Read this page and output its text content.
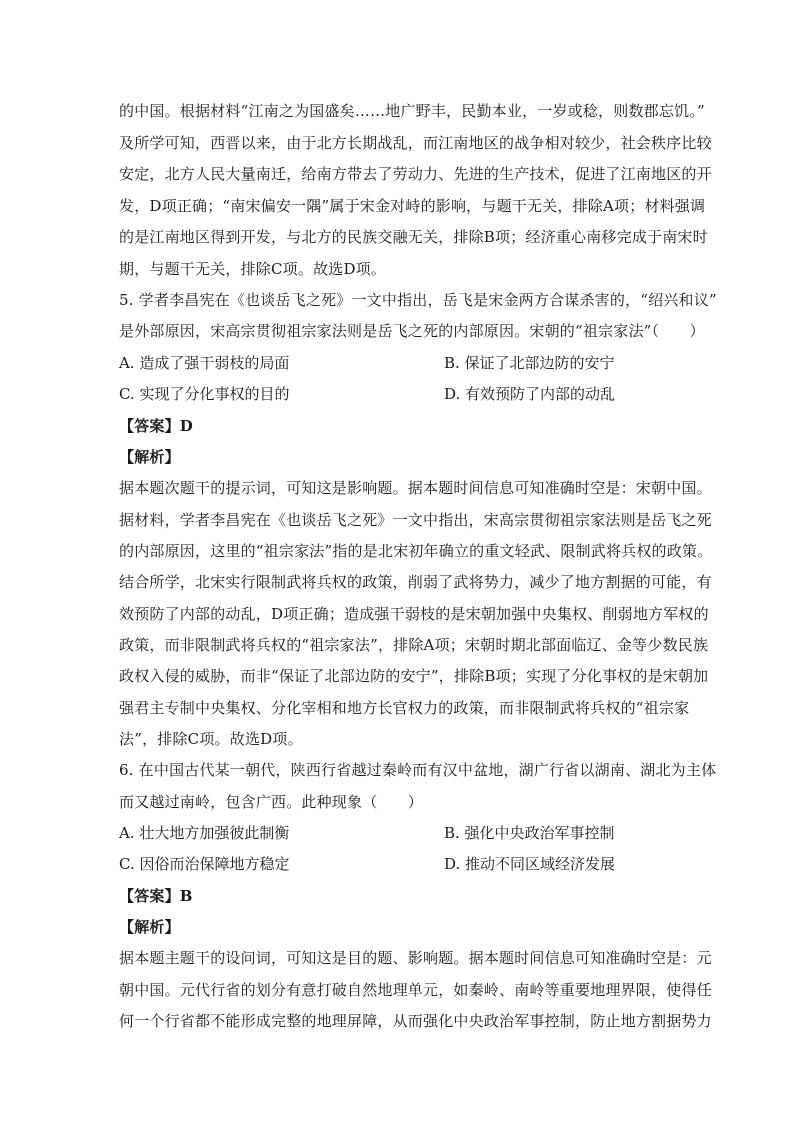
的中国。根据材料“江南之为国盛矣……地广野丰，民勤本业，一岁或稔，则数郡忘饥。”
及所学可知，西晋以来，由于北方长期战乱，而江南地区的战争相对较少，社会秩序比较
安定，北方人民大量南迁，给南方带去了劳动力、先进的生产技术，促进了江南地区的开
发，D项正确；“南宋偏安一隅”属于宋金对峙的影响，与题干无关，排除A项；材料强调
的是江南地区得到开发，与北方的民族交融无关，排除B项；经济重心南移完成于南宋时
期，与题干无关，排除C项。故选D项。
5. 学者李昌宪在《也谈岳飞之死》一文中指出，岳飞是宋金两方合谋杀害的，“绍兴和议”
是外部原因，宋高宗贯彻祖宗家法则是岳飞之死的内部原因。宋朝的“祖宗家法”（　　）
A. 造成了强干弱枝的局面	B. 保证了北部边防的安宁
C. 实现了分化事权的目的	D. 有效预防了内部的动乱
【答案】D
【解析】
据本题次题干的提示词，可知这是影响题。据本题时间信息可知准确时空是：宋朝中国。
据材料，学者李昌宪在《也谈岳飞之死》一文中指出，宋高宗贯彻祖宗家法则是岳飞之死
的内部原因，这里的“祖宗家法”指的是北宋初年确立的重文轻武、限制武将兵权的政策。
结合所学，北宋实行限制武将兵权的政策，削弱了武将势力，减少了地方割据的可能，有
效预防了内部的动乱，D项正确；造成强干弱枝的是宋朝加强中央集权、削弱地方军权的
政策，而非限制武将兵权的“祖宗家法”，排除A项；宋朝时期北部面临辽、金等少数民族
政权入侵的威胁，而非“保证了北部边防的安宁”，排除B项；实现了分化事权的是宋朝加
强君主专制中央集权、分化宰相和地方长官权力的政策，而非限制武将兵权的“祖宗家
法”，排除C项。故选D项。
6. 在中国古代某一朝代，陕西行省越过秦岭而有汉中盆地，湖广行省以湖南、湖北为主体
而又越过南岭，包含广西。此种现象（　　）
A. 壮大地方加强彼此制衡	B. 强化中央政治军事控制
C. 因俗而治保障地方稳定	D. 推动不同区域经济发展
【答案】B
【解析】
据本题主题干的设问词，可知这是目的题、影响题。据本题时间信息可知准确时空是：元
朝中国。元代行省的划分有意打破自然地理单元，如秦岭、南岭等重要地理界限，使得任
何一个行省都不能形成完整的地理屏障，从而强化中央政治军事控制，防止地方割据势力
